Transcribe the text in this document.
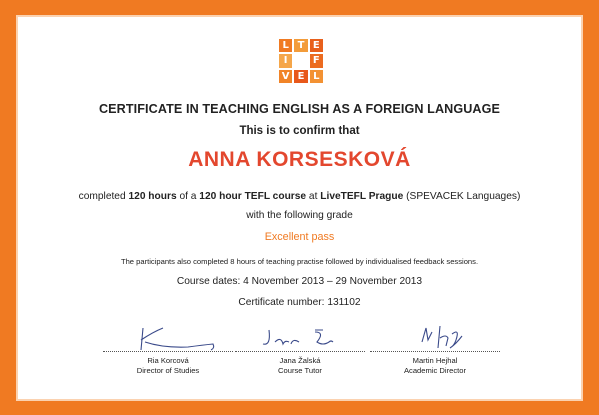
L T E
I	F
V E L
CERTIFICATE IN TEACHING ENGLISH AS A FOREIGN LANGUAGE
This is to confirm that
ANNA KORSESKOVÁ
completed 120 hours of a 120 hour TEFL course at LiveTEFL Prague (SPEVACEK Languages)
with the following grade
Excellent pass
The participants also completed 8 hours of teaching practise followed by individualised feedback sessions.
Course dates: 4 November 2013 – 29 November 2013
Certificate number: 131102
Ria Korcová
Director of Studies
Jana Žalská
Course Tutor
Martin Hejhal
Academic Director
